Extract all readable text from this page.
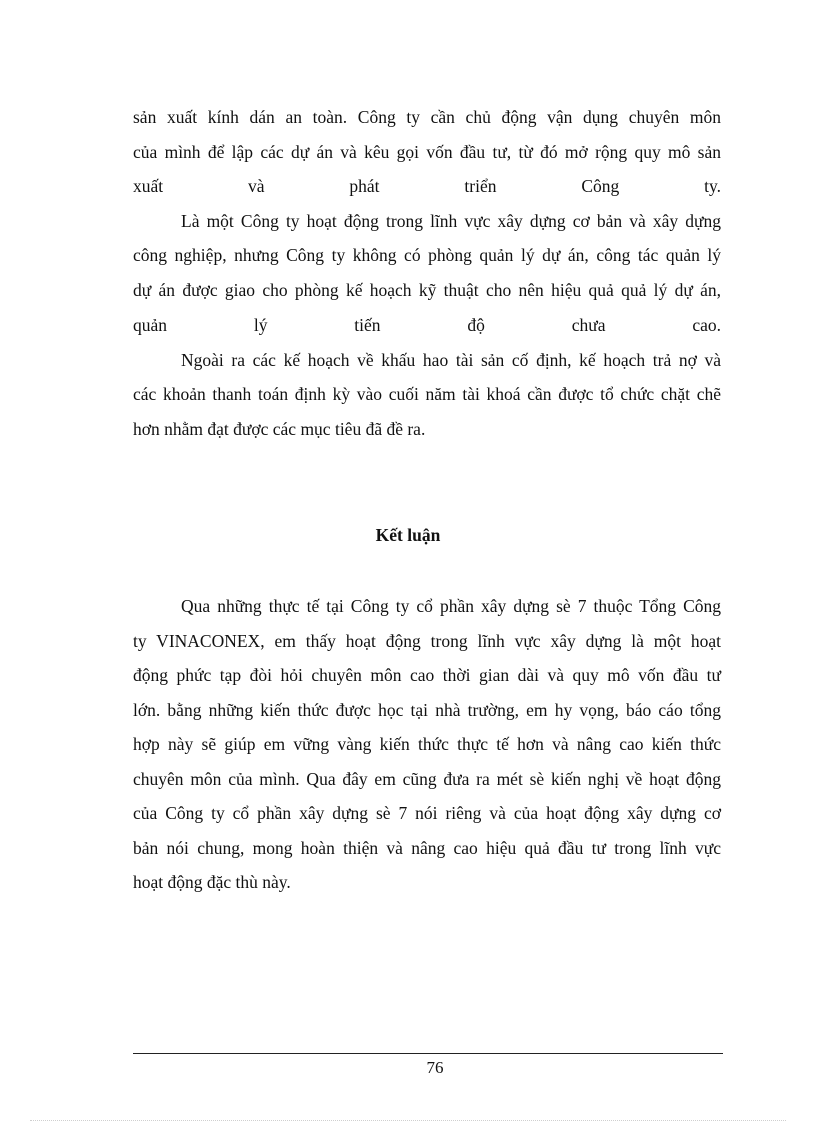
sản xuất kính dán an toàn. Công ty cần chủ động vận dụng chuyên môn
của mình để lập các dự án và kêu gọi vốn đầu tư, từ đó mở rộng quy mô sản
xuất và phát triển Công ty.
Là một Công ty hoạt động trong lĩnh vực xây dựng cơ bản và xây dựng
công nghiệp, nhưng Công ty không có phòng quản lý dự án, công tác quản lý
dự án được giao cho phòng kế hoạch kỹ thuật cho nên hiệu quả quả lý dự án,
quản lý tiến độ chưa cao.
Ngoài ra các kế hoạch về khấu hao tài sản cố định, kế hoạch trả nợ và
các khoản thanh toán định kỳ vào cuối năm tài khoá cần được tổ chức chặt chẽ
hơn nhằm đạt được các mục tiêu đã đề ra.
Kết luận
Qua những thực tế tại Công ty cổ phần xây dựng sè 7 thuộc Tổng Công
ty VINACONEX, em thấy hoạt động trong lĩnh vực xây dựng là một hoạt
động phức tạp đòi hỏi chuyên môn cao thời gian dài và quy mô vốn đầu tư
lớn. bằng những kiến thức được học tại nhà trường, em hy vọng, báo cáo tổng
hợp này sẽ giúp em vững vàng kiến thức thực tế hơn và nâng cao kiến thức
chuyên môn của mình. Qua đây em cũng đưa ra mét sè kiến nghị về hoạt động
của Công ty cổ phần xây dựng sè 7 nói riêng và của hoạt động xây dựng cơ
bản nói chung, mong hoàn thiện và nâng cao hiệu quả đầu tư trong lĩnh vực
hoạt động đặc thù này.
76
